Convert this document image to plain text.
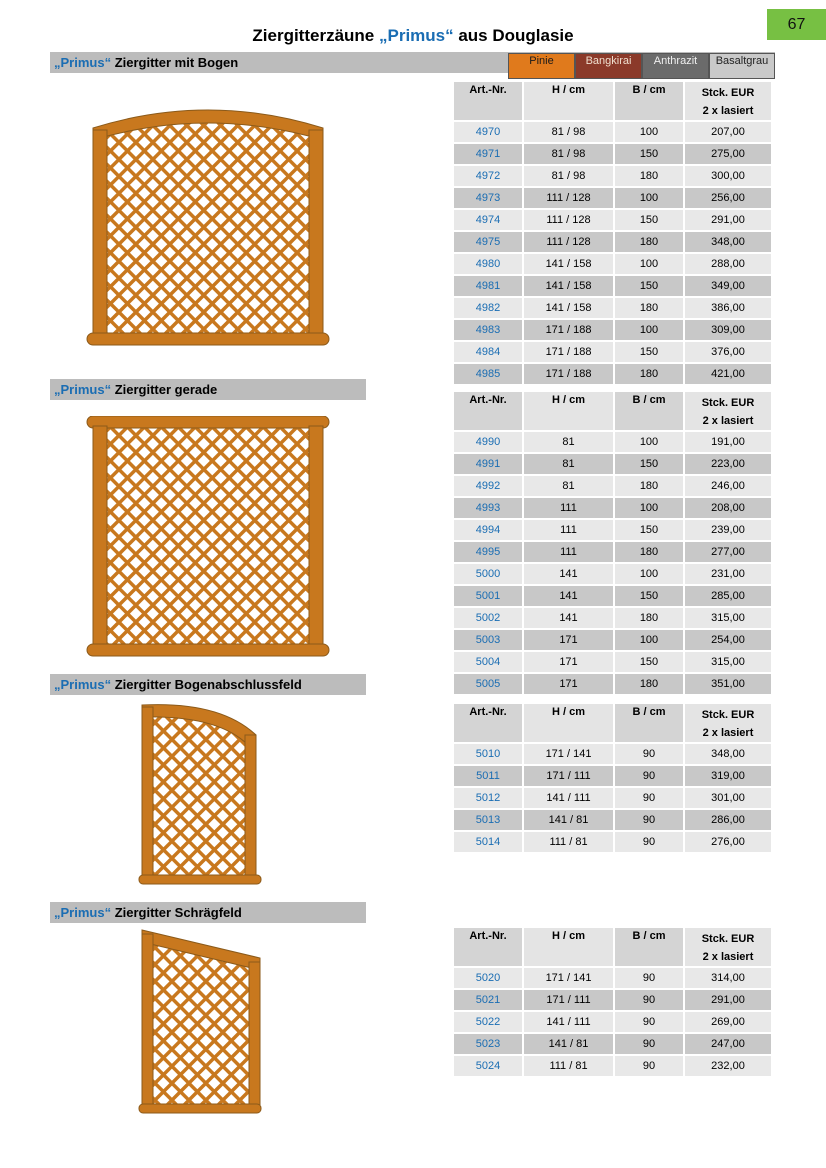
67
Ziergitterzäune „Primus“ aus Douglasie
„Primus“ Ziergitter mit Bogen	Pinie	Bangkirai	Anthrazit	Basaltgrau
„Primus“ Ziergitter gerade
„Primus“ Ziergitter Bogenabschlussfeld
„Primus“ Ziergitter Schrägfeld
Art.-Nr.	H / cm	B / cm	Stck. EUR
2 x lasiert

4970	81 / 98	100	207,00
4971	81 / 98	150	275,00
4972	81 / 98	180	300,00
4973	111 / 128	100	256,00
4974	111 / 128	150	291,00
4975	111 / 128	180	348,00
4980	141 / 158	100	288,00
4981	141 / 158	150	349,00
4982	141 / 158	180	386,00
4983	171 / 188	100	309,00
4984	171 / 188	150	376,00
4985	171 / 188	180	421,00
Art.-Nr.	H / cm	B / cm	Stck. EUR
2 x lasiert

4990	81	100	191,00
4991	81	150	223,00
4992	81	180	246,00
4993	111	100	208,00
4994	111	150	239,00
4995	111	180	277,00
5000	141	100	231,00
5001	141	150	285,00
5002	141	180	315,00
5003	171	100	254,00
5004	171	150	315,00
5005	171	180	351,00
Art.-Nr.	H / cm	B / cm	Stck. EUR
2 x lasiert

5010	171 / 141	90	348,00
5011	171 / 111	90	319,00
5012	141 / 111	90	301,00
5013	141 / 81	90	286,00
5014	111 / 81	90	276,00
Art.-Nr.	H / cm	B / cm	Stck. EUR
2 x lasiert

5020	171 / 141	90	314,00
5021	171 / 111	90	291,00
5022	141 / 111	90	269,00
5023	141 / 81	90	247,00
5024	111 / 81	90	232,00
